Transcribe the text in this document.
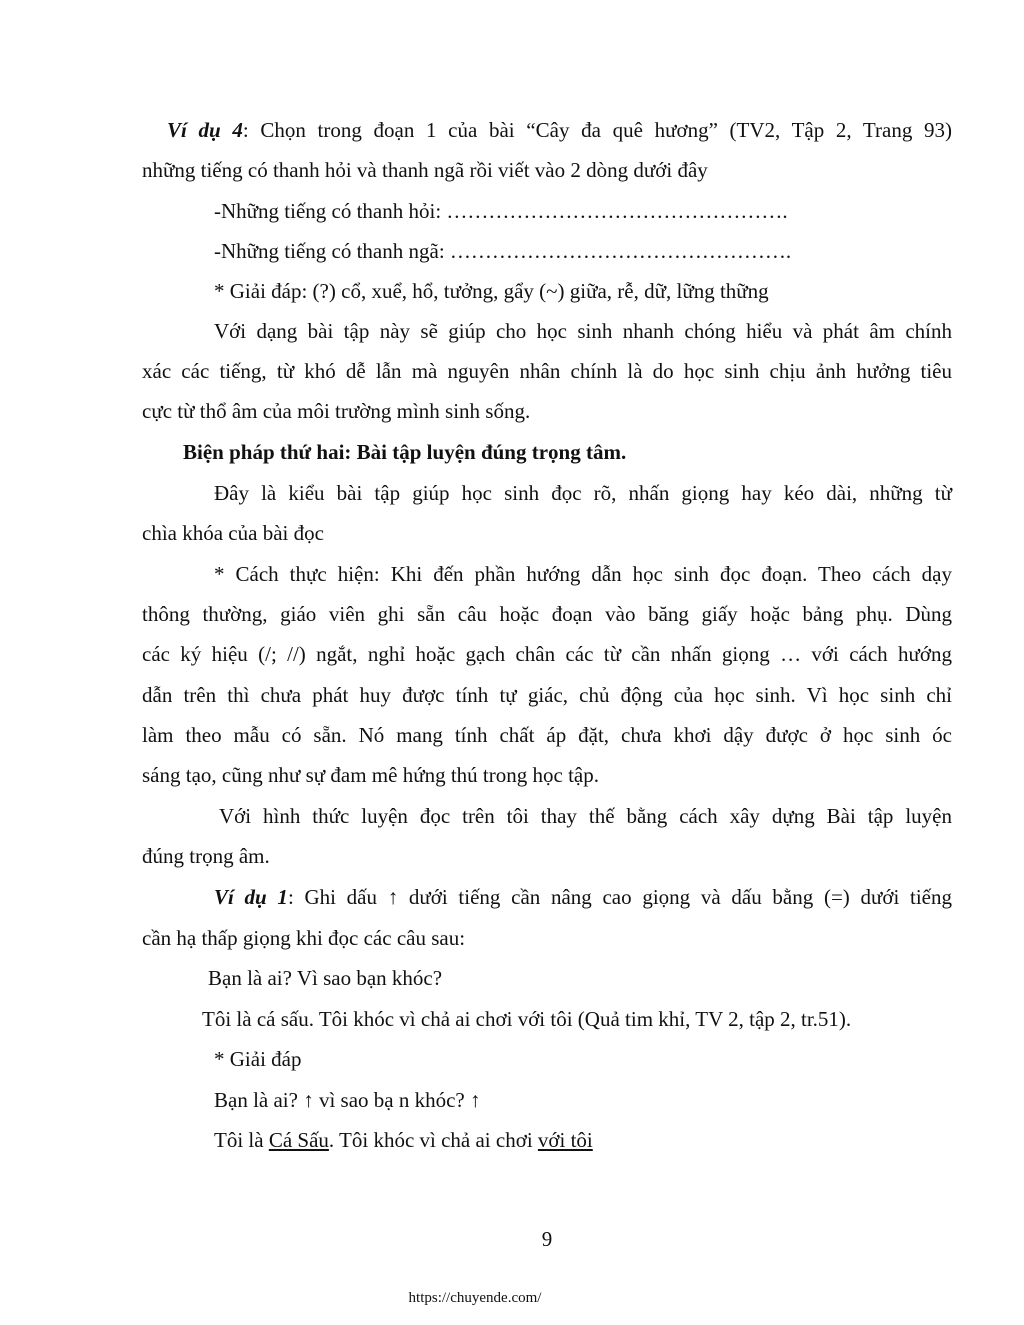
Ví dụ 4: Chọn trong đoạn 1 của bài “Cây đa quê hương” (TV2, Tập 2, Trang 93)
những tiếng có thanh hỏi và thanh ngã rồi viết vào 2 dòng dưới đây
-Những tiếng có thanh hỏi: ………………………………………….
-Những tiếng có thanh ngã: ………………………………………….
* Giải đáp: (?) cổ, xuể, hổ, tưởng, gẩy (~) giữa, rễ, dữ, lững thững
Với dạng bài tập này sẽ giúp cho học sinh nhanh chóng hiểu và phát âm chính
xác các tiếng, từ khó dễ lẫn mà nguyên nhân chính là do học sinh chịu ảnh hưởng tiêu
cực từ thổ âm của môi trường mình sinh sống.
Biện pháp thứ hai: Bài tập luyện đúng trọng tâm.
Đây là kiểu bài tập giúp học sinh đọc rõ, nhấn giọng hay kéo dài, những từ
chìa khóa của bài đọc
* Cách thực hiện: Khi đến phần hướng dẫn học sinh đọc đoạn. Theo cách dạy
thông thường, giáo viên ghi sẵn câu hoặc đoạn vào băng giấy hoặc bảng phụ. Dùng
các ký hiệu (/; //) ngắt, nghỉ hoặc gạch chân các từ cần nhấn giọng … với cách hướng
dẫn trên thì chưa phát huy được tính tự giác, chủ động của học sinh. Vì học sinh chỉ
làm theo mẫu có sẵn. Nó mang tính chất áp đặt, chưa khơi dậy được ở học sinh óc
sáng tạo, cũng như sự đam mê hứng thú trong học tập.
Với hình thức luyện đọc trên tôi thay thế bằng cách xây dựng Bài tập luyện
đúng trọng âm.
Ví dụ 1: Ghi dấu ↑ dưới tiếng cần nâng cao giọng và dấu bằng (=) dưới tiếng
cần hạ thấp giọng khi đọc các câu sau:
Bạn là ai? Vì sao bạn khóc?
Tôi là cá sấu. Tôi khóc vì chả ai chơi với tôi (Quả tim khỉ, TV 2, tập 2, tr.51).
* Giải đáp
Bạn là ai? ↑ vì sao bạ n khóc? ↑
Tôi là Cá Sấu. Tôi khóc vì chả ai chơi với tôi
9
https://chuyende.com/
